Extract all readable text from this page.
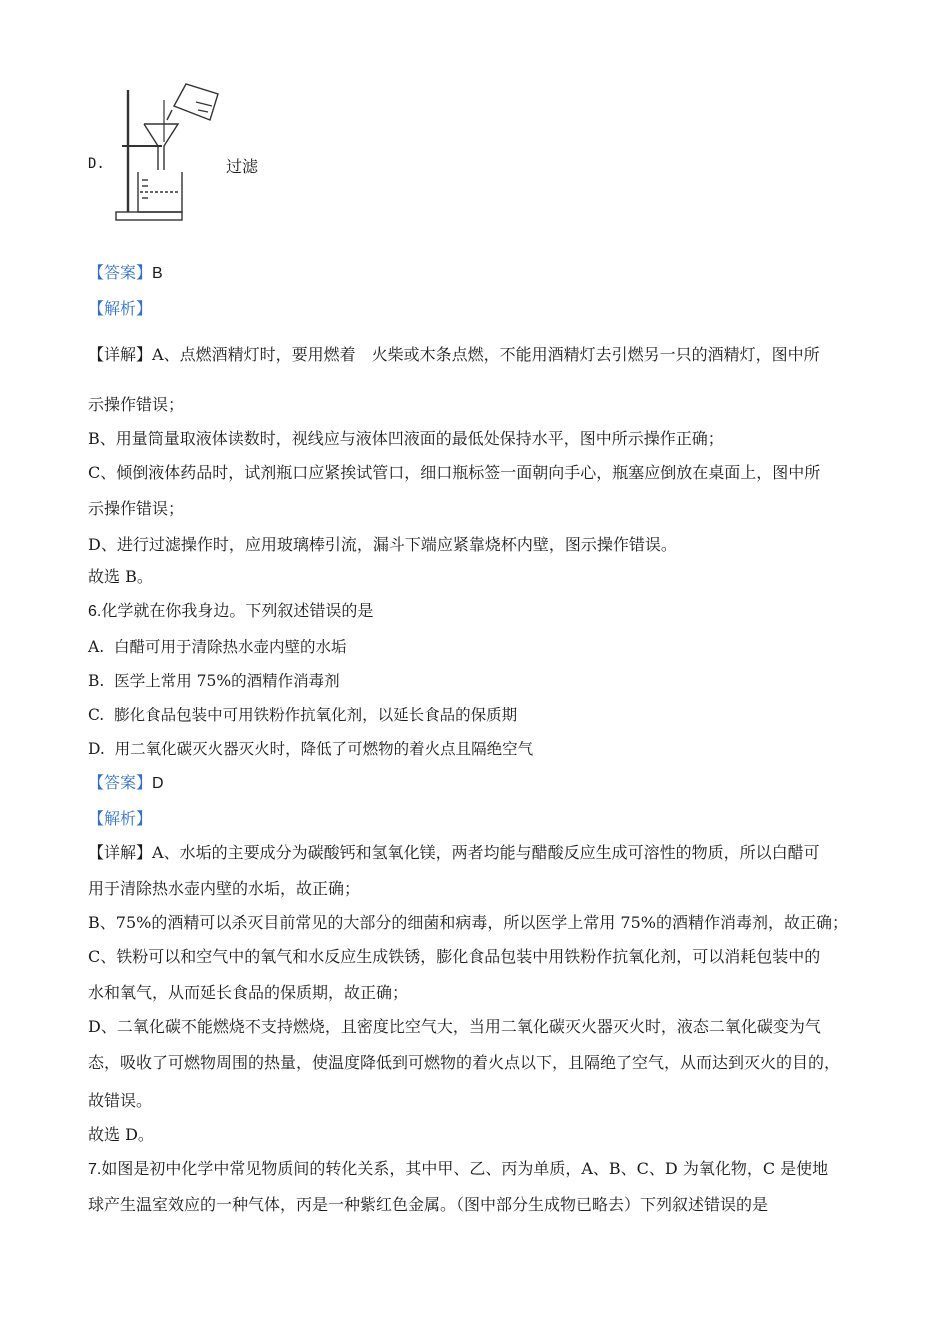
D.	过滤
【答案】B
【解析】
【详解】A、点燃酒精灯时，要用燃着　火柴或木条点燃，不能用酒精灯去引燃另一只的酒精灯，图中所
示操作错误；
B、用量筒量取液体读数时，视线应与液体凹液面的最低处保持水平，图中所示操作正确；
C、倾倒液体药品时，试剂瓶口应紧挨试管口，细口瓶标签一面朝向手心，瓶塞应倒放在桌面上，图中所
示操作错误；
D、进行过滤操作时，应用玻璃棒引流，漏斗下端应紧靠烧杯内壁，图示操作错误。
故选 B。
6.化学就在你我身边。下列叙述错误的是
A. 白醋可用于清除热水壶内壁的水垢
B. 医学上常用 75%的酒精作消毒剂
C. 膨化食品包装中可用铁粉作抗氧化剂，以延长食品的保质期
D. 用二氧化碳灭火器灭火时，降低了可燃物的着火点且隔绝空气
【答案】D
【解析】
【详解】A、水垢的主要成分为碳酸钙和氢氧化镁，两者均能与醋酸反应生成可溶性的物质，所以白醋可
用于清除热水壶内壁的水垢，故正确；
B、75%的酒精可以杀灭目前常见的大部分的细菌和病毒，所以医学上常用 75%的酒精作消毒剂，故正确；
C、铁粉可以和空气中的氧气和水反应生成铁锈，膨化食品包装中用铁粉作抗氧化剂，可以消耗包装中的
水和氧气，从而延长食品的保质期，故正确；
D、二氧化碳不能燃烧不支持燃烧，且密度比空气大，当用二氧化碳灭火器灭火时，液态二氧化碳变为气
态，吸收了可燃物周围的热量，使温度降低到可燃物的着火点以下，且隔绝了空气，从而达到灭火的目的，
故错误。
故选 D。
7.如图是初中化学中常见物质间的转化关系，其中甲、乙、丙为单质，A、B、C、D 为氧化物，C 是使地
球产生温室效应的一种气体，丙是一种紫红色金属。（图中部分生成物已略去）下列叙述错误的是
